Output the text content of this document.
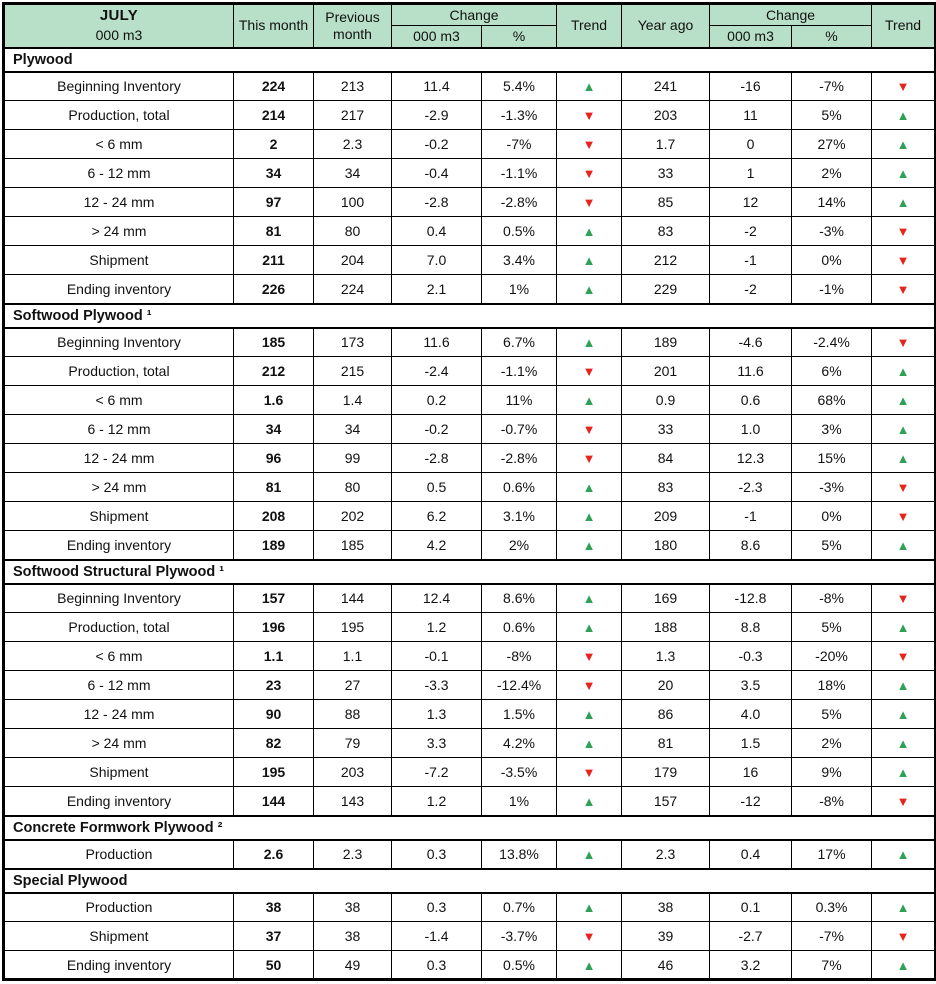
JULY
000 m3	This month	Previous month	Change		Trend	Year ago	Change		Trend
			000 m3	%			000 m3	%	
Plywood									
Beginning Inventory	224	213	11.4	5.4%	▲	241	-16	-7%	▼
Production, total	214	217	-2.9	-1.3%	▼	203	11	5%	▲
< 6 mm	2	2.3	-0.2	-7%	▼	1.7	0	27%	▲
6 - 12 mm	34	34	-0.4	-1.1%	▼	33	1	2%	▲
12 - 24 mm	97	100	-2.8	-2.8%	▼	85	12	14%	▲
> 24 mm	81	80	0.4	0.5%	▲	83	-2	-3%	▼
Shipment	211	204	7.0	3.4%	▲	212	-1	0%	▼
Ending inventory	226	224	2.1	1%	▲	229	-2	-1%	▼
Softwood Plywood ¹									
Beginning Inventory	185	173	11.6	6.7%	▲	189	-4.6	-2.4%	▼
Production, total	212	215	-2.4	-1.1%	▼	201	11.6	6%	▲
< 6 mm	1.6	1.4	0.2	11%	▲	0.9	0.6	68%	▲
6 - 12 mm	34	34	-0.2	-0.7%	▼	33	1.0	3%	▲
12 - 24 mm	96	99	-2.8	-2.8%	▼	84	12.3	15%	▲
> 24 mm	81	80	0.5	0.6%	▲	83	-2.3	-3%	▼
Shipment	208	202	6.2	3.1%	▲	209	-1	0%	▼
Ending inventory	189	185	4.2	2%	▲	180	8.6	5%	▲
Softwood Structural Plywood ¹									
Beginning Inventory	157	144	12.4	8.6%	▲	169	-12.8	-8%	▼
Production, total	196	195	1.2	0.6%	▲	188	8.8	5%	▲
< 6 mm	1.1	1.1	-0.1	-8%	▼	1.3	-0.3	-20%	▼
6 - 12 mm	23	27	-3.3	-12.4%	▼	20	3.5	18%	▲
12 - 24 mm	90	88	1.3	1.5%	▲	86	4.0	5%	▲
> 24 mm	82	79	3.3	4.2%	▲	81	1.5	2%	▲
Shipment	195	203	-7.2	-3.5%	▼	179	16	9%	▲
Ending inventory	144	143	1.2	1%	▲	157	-12	-8%	▼
Concrete Formwork Plywood ²									
Production	2.6	2.3	0.3	13.8%	▲	2.3	0.4	17%	▲
Special Plywood									
Production	38	38	0.3	0.7%	▲	38	0.1	0.3%	▲
Shipment	37	38	-1.4	-3.7%	▼	39	-2.7	-7%	▼
Ending inventory	50	49	0.3	0.5%	▲	46	3.2	7%	▲
